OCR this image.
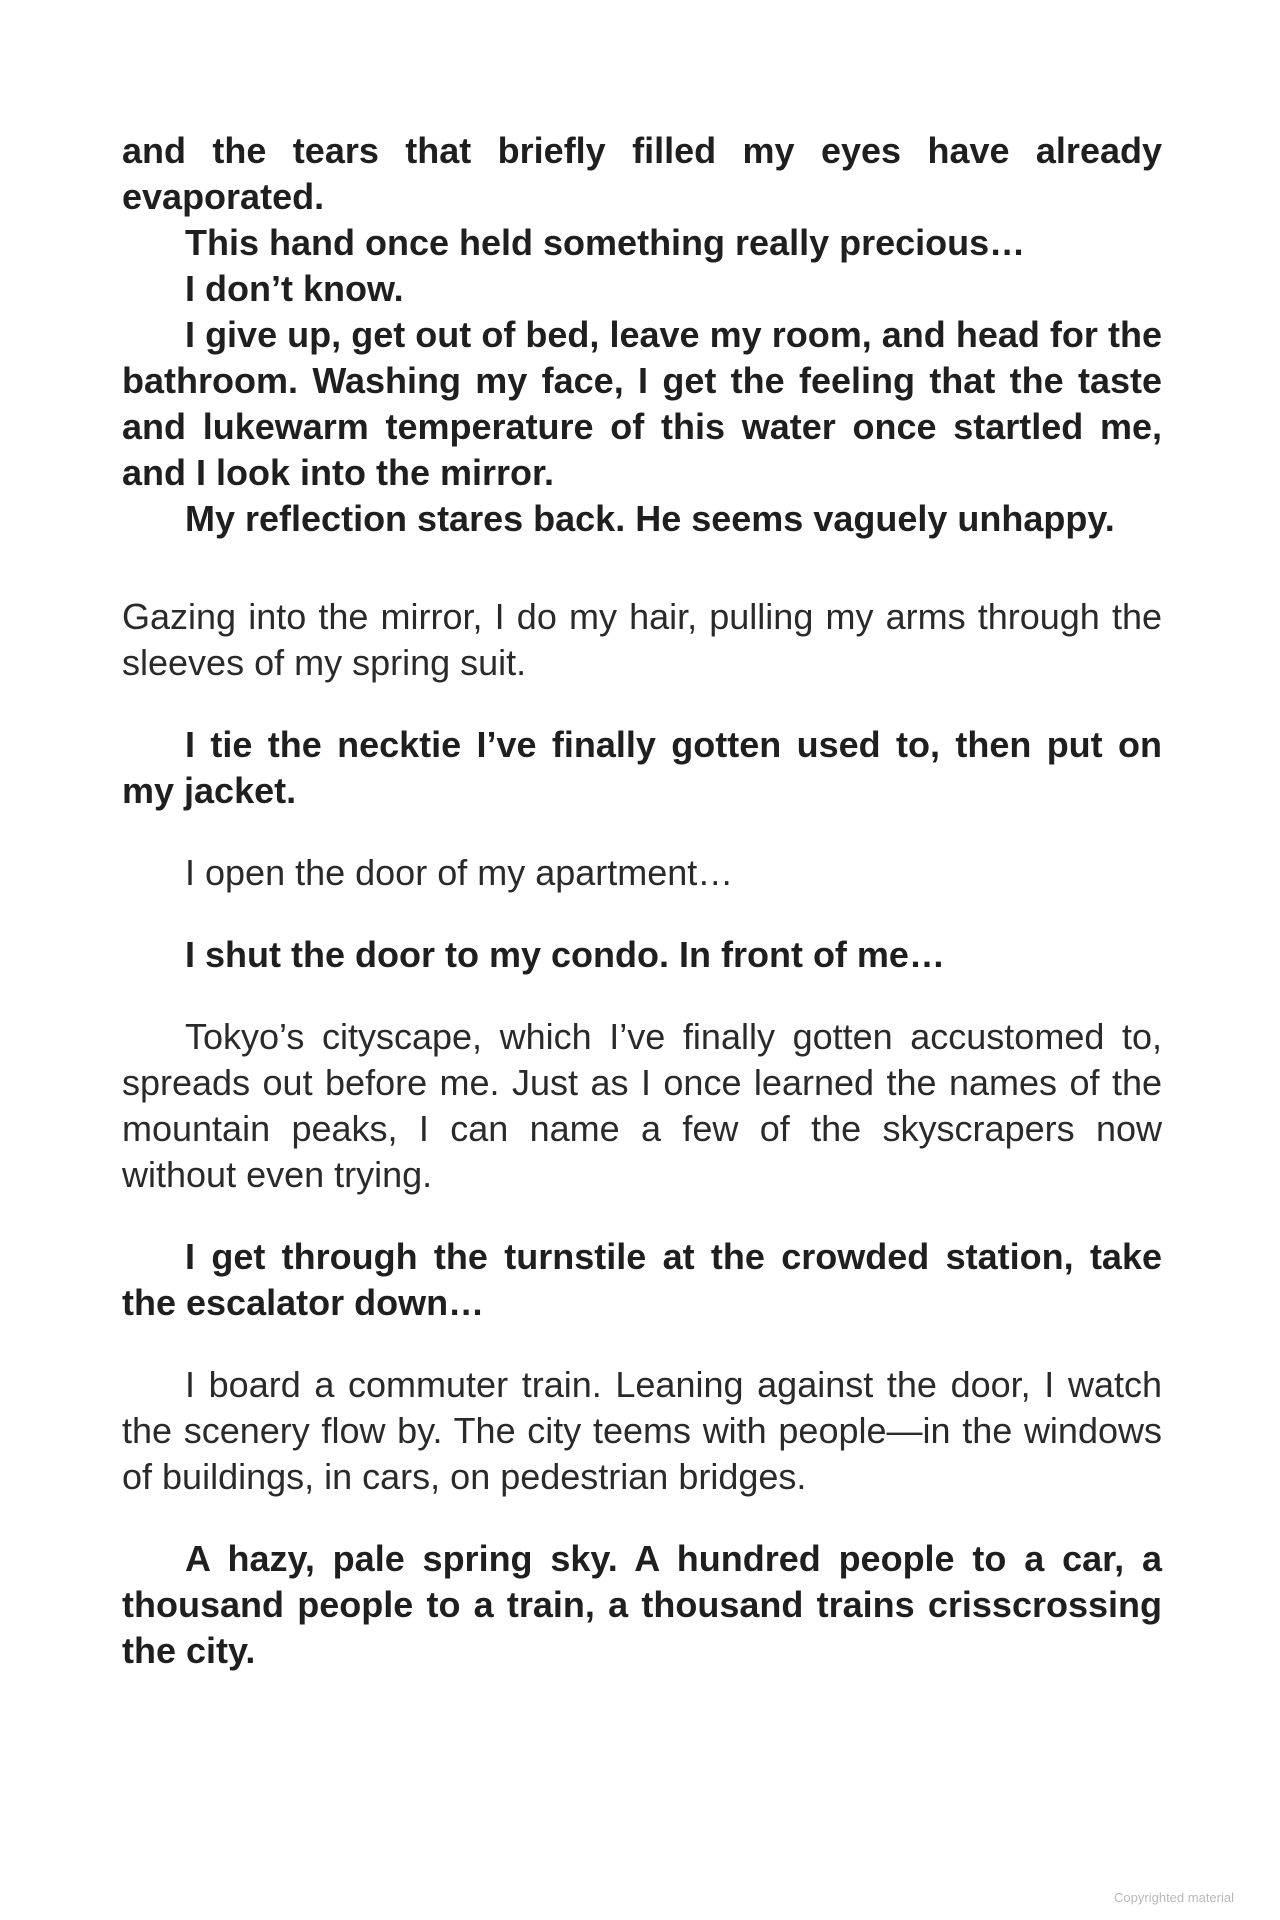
and the tears that briefly filled my eyes have already evaporated.

This hand once held something really precious…

I don’t know.

I give up, get out of bed, leave my room, and head for the bathroom. Washing my face, I get the feeling that the taste and lukewarm temperature of this water once startled me, and I look into the mirror.

My reflection stares back. He seems vaguely unhappy.

Gazing into the mirror, I do my hair, pulling my arms through the sleeves of my spring suit.

I tie the necktie I’ve finally gotten used to, then put on my jacket.

I open the door of my apartment…

I shut the door to my condo. In front of me…

Tokyo’s cityscape, which I’ve finally gotten accustomed to, spreads out before me. Just as I once learned the names of the mountain peaks, I can name a few of the skyscrapers now without even trying.

I get through the turnstile at the crowded station, take the escalator down…

I board a commuter train. Leaning against the door, I watch the scenery flow by. The city teems with people—in the windows of buildings, in cars, on pedestrian bridges.

A hazy, pale spring sky. A hundred people to a car, a thousand people to a train, a thousand trains crisscrossing the city.

Copyrighted material
